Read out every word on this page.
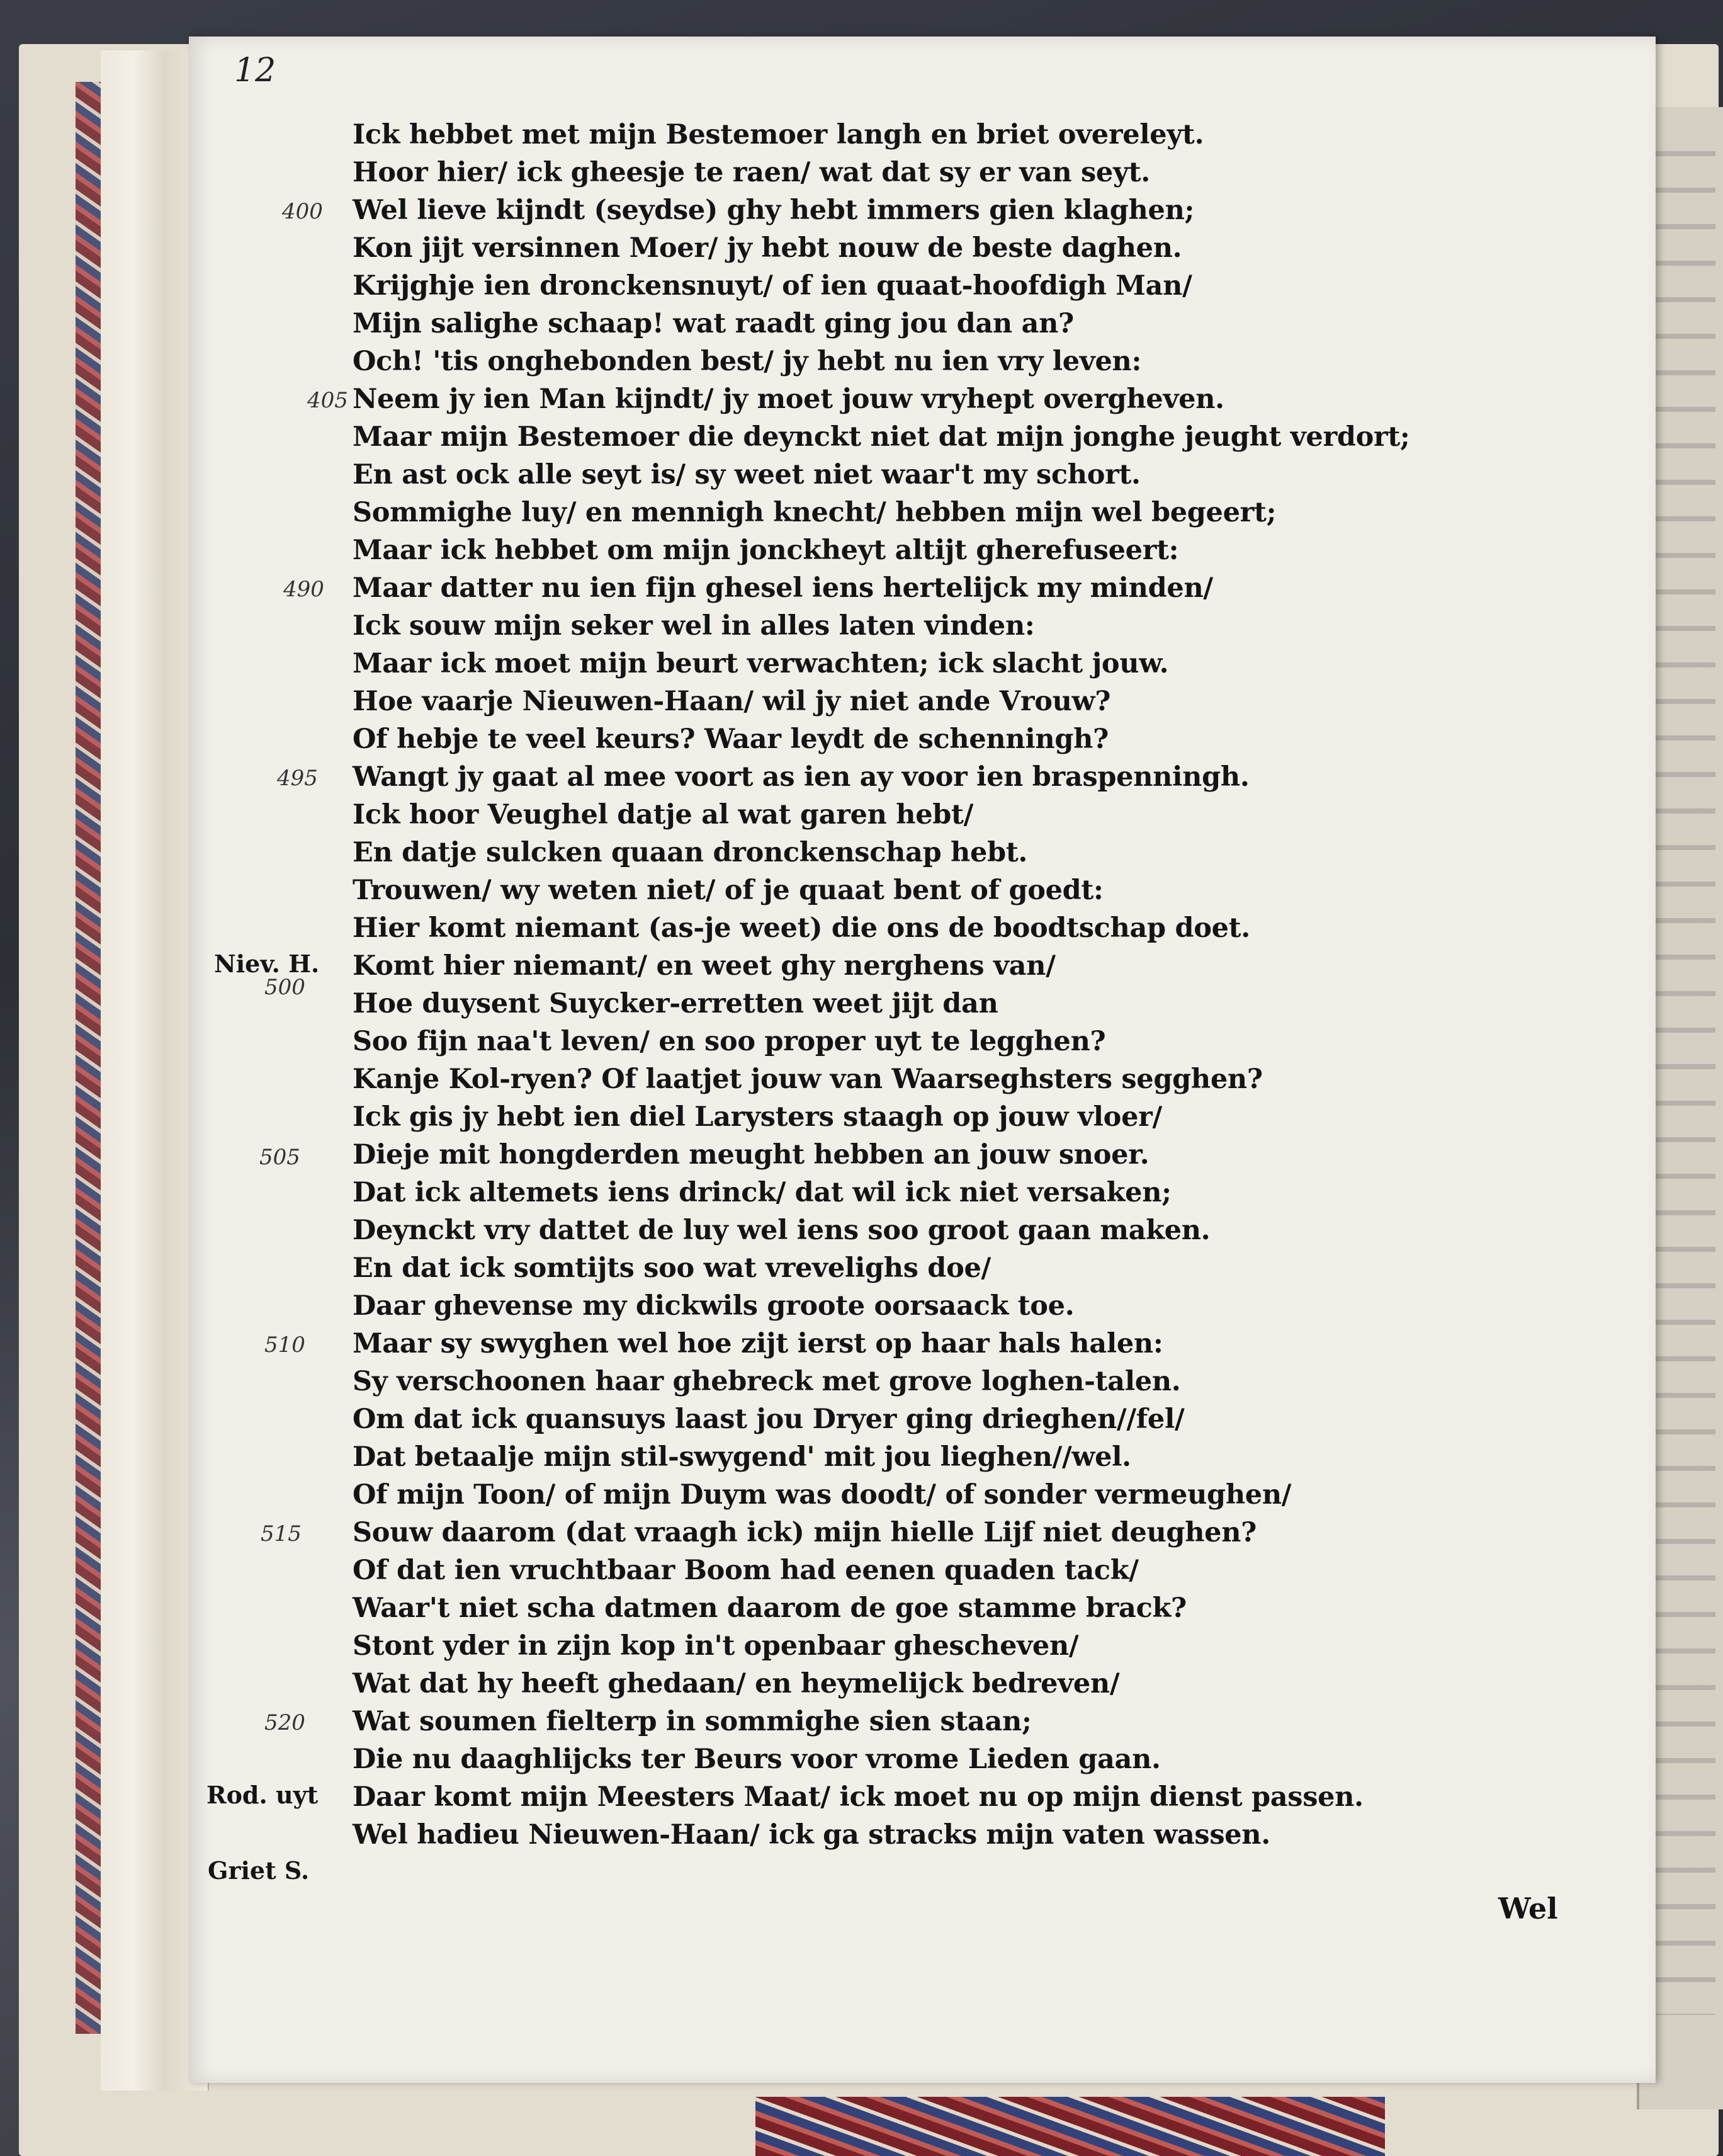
12
Ick hebbet met mijn Bestemoer langh en briet overeleyt.
Hoor hier/ ick gheesje te raen/ wat dat sy er van seyt.
Wel lieve kijndt (seydse) ghy hebt immers gien klaghen;
Kon jijt versinnen Moer/ jy hebt nouw de beste daghen.
Krijghje ien dronckensnuyt/ of ien quaat-hoofdigh Man/
Mijn salighe schaap! wat raadt ging jou dan an?
Och! 'tis onghebonden best/ jy hebt nu ien vry leven:
Neem jy ien Man kijndt/ jy moet jouw vryhept overgheven.
Maar mijn Bestemoer die deynckt niet dat mijn jonghe jeught verdort;
En ast ock alle seyt is/ sy weet niet waar't my schort.
Sommighe luy/ en mennigh knecht/ hebben mijn wel begeert;
Maar ick hebbet om mijn jonckheyt altijt gherefuseert:
Maar datter nu ien fijn ghesel iens hertelijck my minden/
Ick souw mijn seker wel in alles laten vinden:
Maar ick moet mijn beurt verwachten; ick slacht jouw.
Hoe vaarje Nieuwen-Haan/ wil jy niet ande Vrouw?
Of hebje te veel keurs? Waar leydt de schenningh?
Wangt jy gaat al mee voort as ien ay voor ien braspenningh.
Ick hoor Veughel datje al wat garen hebt/
En datje sulcken quaan dronckenschap hebt.
Trouwen/ wy weten niet/ of je quaat bent of goedt:
Hier komt niemant (as-je weet) die ons de boodtschap doet.
Komt hier niemant/ en weet ghy nerghens van/
Hoe duysent Suycker-erretten weet jijt dan
Soo fijn naa't leven/ en soo proper uyt te legghen?
Kanje Kol-ryen? Of laatjet jouw van Waarseghsters segghen?
Ick gis jy hebt ien diel Larysters staagh op jouw vloer/
Dieje mit hongderden meught hebben an jouw snoer.
Dat ick altemets iens drinck/ dat wil ick niet versaken;
Deynckt vry dattet de luy wel iens soo groot gaan maken.
En dat ick somtijts soo wat vrevelighs doe/
Daar ghevense my dickwils groote oorsaack toe.
Maar sy swyghen wel hoe zijt ierst op haar hals halen:
Sy verschoonen haar ghebreck met grove loghen-talen.
Om dat ick quansuys laast jou Dryer ging drieghen//fel/
Dat betaalje mijn stil-swygend' mit jou lieghen//wel.
Of mijn Toon/ of mijn Duym was doodt/ of sonder vermeughen/
Souw daarom (dat vraagh ick) mijn hielle Lijf niet deughen?
Of dat ien vruchtbaar Boom had eenen quaden tack/
Waar't niet scha datmen daarom de goe stamme brack?
Stont yder in zijn kop in't openbaar ghescheven/
Wat dat hy heeft ghedaan/ en heymelijck bedreven/
Wat soumen fielterp in sommighe sien staan;
Die nu daaghlijcks ter Beurs voor vrome Lieden gaan.
Daar komt mijn Meesters Maat/ ick moet nu op mijn dienst passen.
Wel hadieu Nieuwen-Haan/ ick ga stracks mijn vaten wassen.
400
405
490
495
500
505
510
515
520
Niev. H.
Rod. uyt
Griet S.
Wel
